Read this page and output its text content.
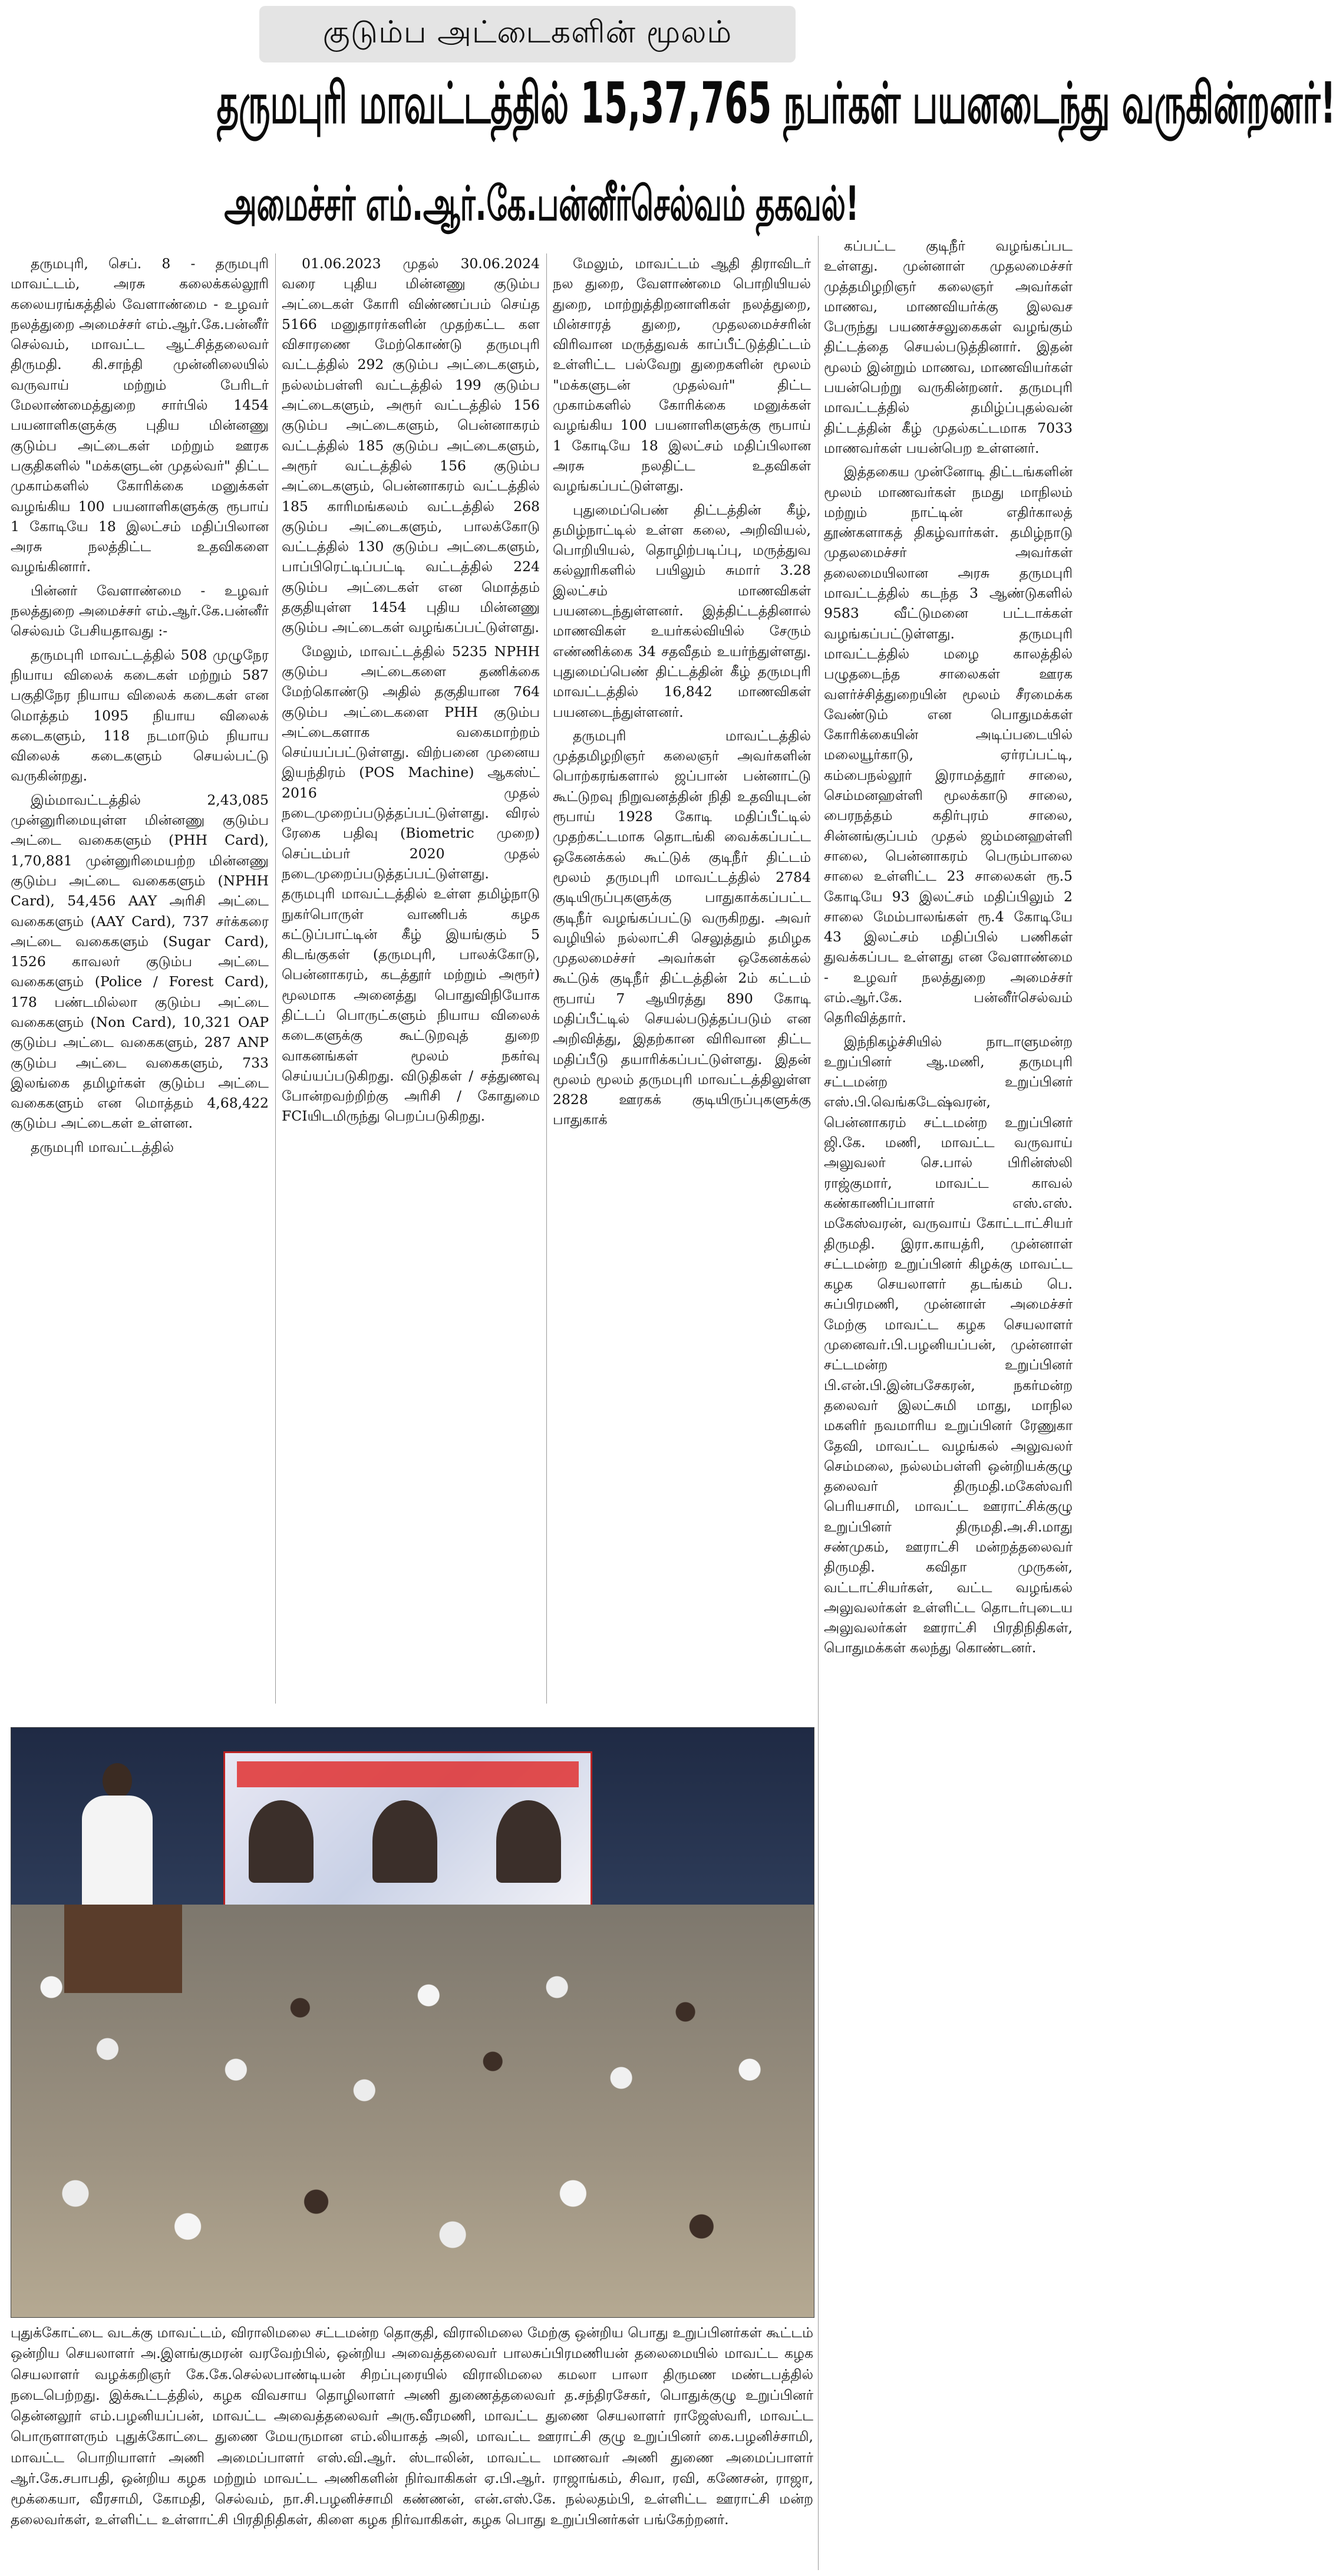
குடும்ப அட்டைகளின் மூலம்
தருமபுரி மாவட்டத்தில் 15,37,765 நபர்கள் பயனடைந்து வருகின்றனர்!
அமைச்சர் எம்.ஆர்.கே.பன்னீர்செல்வம் தகவல்!

தருமபுரி, செப். 8 - தருமபுரி மாவட்டம், அரசு கலைக்கல்லூரி கலையரங்கத்தில் வேளாண்மை - உழவர் நலத்துறை அமைச்சர் எம்.ஆர்.கே.பன்னீர் செல்வம், மாவட்ட ஆட்சித்தலைவர் திருமதி. கி.சாந்தி முன்னிலையில் வருவாய் மற்றும் பேரிடர் மேலாண்மைத்துறை சார்பில் 1454 பயனாளிகளுக்கு புதிய மின்னணு குடும்ப அட்டைகள் மற்றும் ஊரக பகுதிகளில் "மக்களுடன் முதல்வர்" திட்ட முகாம்களில் கோரிக்கை மனுக்கள் வழங்கிய 100 பயனாளிகளுக்கு ரூபாய் 1 கோடியே 18 இலட்சம் மதிப்பிலான அரசு நலத்திட்ட உதவிகளை வழங்கினார்.

பின்னர் வேளாண்மை - உழவர் நலத்துறை அமைச்சர் எம்.ஆர்.கே.பன்னீர் செல்வம் பேசியதாவது :-

தருமபுரி மாவட்டத்தில் 508 முழுநேர நியாய விலைக் கடைகள் மற்றும் 587 பகுதிநேர நியாய விலைக் கடைகள் என மொத்தம் 1095 நியாய விலைக் கடைகளும், 118 நடமாடும் நியாய விலைக் கடைகளும் செயல்பட்டு வருகின்றது.

இம்மாவட்டத்தில் 2,43,085 முன்னுரிமையுள்ள மின்னணு குடும்ப அட்டை வகைகளும் (PHH Card), 1,70,881 முன்னுரிமையற்ற மின்னணு குடும்ப அட்டை வகைகளும் (NPHH Card), 54,456 AAY அரிசி அட்டை வகைகளும் (AAY Card), 737 சர்க்கரை அட்டை வகைகளும் (Sugar Card), 1526 காவலர் குடும்ப அட்டை வகைகளும் (Police / Forest Card), 178 பண்டமில்லா குடும்ப அட்டை வகைகளும் (Non Card), 10,321 OAP குடும்ப அட்டை வகைகளும், 287 ANP குடும்ப அட்டை வகைகளும், 733 இலங்கை தமிழர்கள் குடும்ப அட்டை வகைகளும் என மொத்தம் 4,68,422 குடும்ப அட்டைகள் உள்ளன.

தருமபுரி மாவட்டத்தில்

01.06.2023 முதல் 30.06.2024 வரை புதிய மின்னணு குடும்ப அட்டைகள் கோரி விண்ணப்பம் செய்த 5166 மனுதாரர்களின் முதற்கட்ட கள விசாரணை மேற்கொண்டு தருமபுரி வட்டத்தில் 292 குடும்ப அட்டைகளும், நல்லம்பள்ளி வட்டத்தில் 199 குடும்ப அட்டைகளும், அரூர் வட்டத்தில் 156 குடும்ப அட்டைகளும், பென்னாகரம் வட்டத்தில் 185 குடும்ப அட்டைகளும், அரூர் வட்டத்தில் 156 குடும்ப அட்டைகளும், பென்னாகரம் வட்டத்தில் 185 காரிமங்கலம் வட்டத்தில் 268 குடும்ப அட்டைகளும், பாலக்கோடு வட்டத்தில் 130 குடும்ப அட்டைகளும், பாப்பிரெட்டிப்பட்டி வட்டத்தில் 224 குடும்ப அட்டைகள் என மொத்தம் தகுதியுள்ள 1454 புதிய மின்னணு குடும்ப அட்டைகள் வழங்கப்பட்டுள்ளது.

மேலும், மாவட்டத்தில் 5235 NPHH குடும்ப அட்டைகளை தணிக்கை மேற்கொண்டு அதில் தகுதியான 764 குடும்ப அட்டைகளை PHH குடும்ப அட்டைகளாக வகைமாற்றம் செய்யப்பட்டுள்ளது. விற்பனை முனைய இயந்திரம் (POS Machine) ஆகஸ்ட் 2016 முதல் நடைமுறைப்படுத்தப்பட்டுள்ளது. விரல் ரேகை பதிவு (Biometric முறை) செப்டம்பர் 2020 முதல் நடைமுறைப்படுத்தப்பட்டுள்ளது. தருமபுரி மாவட்டத்தில் உள்ள தமிழ்நாடு நுகர்பொருள் வாணிபக் கழக கட்டுப்பாட்டின் கீழ் இயங்கும் 5 கிடங்குகள் (தருமபுரி, பாலக்கோடு, பென்னாகரம், கடத்தூர் மற்றும் அரூர்) மூலமாக அனைத்து பொதுவிநியோக திட்டப் பொருட்களும் நியாய விலைக் கடைகளுக்கு கூட்டுறவுத் துறை வாகனங்கள் மூலம் நகர்வு செய்யப்படுகிறது. விடுதிகள் / சத்துணவு போன்றவற்றிற்கு அரிசி / கோதுமை FCIயிடமிருந்து பெறப்படுகிறது.

மேலும், மாவட்டம் ஆதி திராவிடர் நல துறை, வேளாண்மை பொறியியல் துறை, மாற்றுத்திறனாளிகள் நலத்துறை, மின்சாரத் துறை, முதலமைச்சரின் விரிவான மருத்துவக் காப்பீட்டுத்திட்டம் உள்ளிட்ட பல்வேறு துறைகளின் மூலம் "மக்களுடன் முதல்வர்" திட்ட முகாம்களில் கோரிக்கை மனுக்கள் வழங்கிய 100 பயனாளிகளுக்கு ரூபாய் 1 கோடியே 18 இலட்சம் மதிப்பிலான அரசு நலதிட்ட உதவிகள் வழங்கப்பட்டுள்ளது.

புதுமைப்பெண் திட்டத்தின் கீழ், தமிழ்நாட்டில் உள்ள கலை, அறிவியல், பொறியியல், தொழிற்படிப்பு, மருத்துவ கல்லூரிகளில் பயிலும் சுமார் 3.28 இலட்சம் மாணவிகள் பயனடைந்துள்ளனர். இத்திட்டத்தினால் மாணவிகள் உயர்கல்வியில் சேரும் எண்ணிக்கை 34 சதவீதம் உயர்ந்துள்ளது. புதுமைப்பெண் திட்டத்தின் கீழ் தருமபுரி மாவட்டத்தில் 16,842 மாணவிகள் பயனடைந்துள்ளனர்.

தருமபுரி மாவட்டத்தில் முத்தமிழறிஞர் கலைஞர் அவர்களின் பொற்கரங்களால் ஜப்பான் பன்னாட்டு கூட்டுறவு நிறுவனத்தின் நிதி உதவியுடன் ரூபாய் 1928 கோடி மதிப்பீட்டில் முதற்கட்டமாக தொடங்கி வைக்கப்பட்ட ஒகேனக்கல் கூட்டுக் குடிநீர் திட்டம் மூலம் தருமபுரி மாவட்டத்தில் 2784 குடியிருப்புகளுக்கு பாதுகாக்கப்பட்ட குடிநீர் வழங்கப்பட்டு வருகிறது. அவர் வழியில் நல்லாட்சி செலுத்தும் தமிழக முதலமைச்சர் அவர்கள் ஒகேனக்கல் கூட்டுக் குடிநீர் திட்டத்தின் 2ம் கட்டம் ரூபாய் 7 ஆயிரத்து 890 கோடி மதிப்பீட்டில் செயல்படுத்தப்படும் என அறிவித்து, இதற்கான விரிவான திட்ட மதிப்பீடு தயாரிக்கப்பட்டுள்ளது. இதன் மூலம் மூலம் தருமபுரி மாவட்டத்திலுள்ள 2828 ஊரகக் குடியிருப்புகளுக்கு பாதுகாக்

கப்பட்ட குடிநீர் வழங்கப்பட உள்ளது. முன்னாள் முதலமைச்சர் முத்தமிழறிஞர் கலைஞர் அவர்கள் மாணவ, மாணவியர்க்கு இலவச பேருந்து பயணச்சலுகைகள் வழங்கும் திட்டத்தை செயல்படுத்தினார். இதன் மூலம் இன்றும் மாணவ, மாணவியர்கள் பயன்பெற்று வருகின்றனர். தருமபுரி மாவட்டத்தில் தமிழ்ப்புதல்வன் திட்டத்தின் கீழ் முதல்கட்டமாக 7033 மாணவர்கள் பயன்பெற உள்ளனர்.

இத்தகைய முன்னோடி திட்டங்களின் மூலம் மாணவர்கள் நமது மாநிலம் மற்றும் நாட்டின் எதிர்காலத் தூண்களாகத் திகழ்வார்கள். தமிழ்நாடு முதலமைச்சர் அவர்கள் தலைமையிலான அரசு தருமபுரி மாவட்டத்தில் கடந்த 3 ஆண்டுகளில் 9583 வீட்டுமனை பட்டாக்கள் வழங்கப்பட்டுள்ளது. தருமபுரி மாவட்டத்தில் மழை காலத்தில் பழுதடைந்த சாலைகள் ஊரக வளர்ச்சித்துறையின் மூலம் சீரமைக்க வேண்டும் என பொதுமக்கள் கோரிக்கையின் அடிப்படையில் மலையூர்காடு, ஏர்ரப்பட்டி, கம்பைநல்லூர் இராமத்தூர் சாலை, செம்மனஹள்ளி மூலக்காடு சாலை, பைரநத்தம் கதிர்புரம் சாலை, சின்னங்குப்பம் முதல் ஜம்மனஹள்ளி சாலை, பென்னாகரம் பெரும்பாலை சாலை உள்ளிட்ட 23 சாலைகள் ரூ.5 கோடியே 93 இலட்சம் மதிப்பிலும் 2 சாலை மேம்பாலங்கள் ரூ.4 கோடியே 43 இலட்சம் மதிப்பில் பணிகள் துவக்கப்பட உள்ளது என வேளாண்மை - உழவர் நலத்துறை அமைச்சர் எம்.ஆர்.கே. பன்னீர்செல்வம் தெரிவித்தார்.

இந்நிகழ்ச்சியில் நாடாளுமன்ற உறுப்பினர் ஆ.மணி, தருமபுரி சட்டமன்ற உறுப்பினர் எஸ்.பி.வெங்கடேஷ்வரன், பென்னாகரம் சட்டமன்ற உறுப்பினர் ஜி.கே. மணி, மாவட்ட வருவாய் அலுவலர் செ.பால் பிரின்ஸ்லி ராஜ்குமார், மாவட்ட காவல் கண்காணிப்பாளர் எஸ்.எஸ். மகேஸ்வரன், வருவாய் கோட்டாட்சியர் திருமதி. இரா.காயத்ரி, முன்னாள் சட்டமன்ற உறுப்பினர் கிழக்கு மாவட்ட கழக செயலாளர் தடங்கம் பெ. சுப்பிரமணி, முன்னாள் அமைச்சர் மேற்கு மாவட்ட கழக செயலாளர் முனைவர்.பி.பழனியப்பன், முன்னாள் சட்டமன்ற உறுப்பினர் பி.என்.பி.இன்பசேகரன், நகர்மன்ற தலைவர் இலட்சுமி மாது, மாநில மகளிர் நவமாரிய உறுப்பினர் ரேணுகா தேவி, மாவட்ட வழங்கல் அலுவலர் செம்மலை, நல்லம்பள்ளி ஒன்றியக்குழு தலைவர் திருமதி.மகேஸ்வரி பெரியசாமி, மாவட்ட ஊராட்சிக்குழு உறுப்பினர் திருமதி.அ.சி.மாது சண்முகம், ஊராட்சி மன்றத்தலைவர் திருமதி. கவிதா முருகன், வட்டாட்சியர்கள், வட்ட வழங்கல் அலுவலர்கள் உள்ளிட்ட தொடர்புடைய அலுவலர்கள் ஊராட்சி பிரதிநிதிகள், பொதுமக்கள் கலந்து கொண்டனர்.

புதுக்கோட்டை வடக்கு மாவட்டம், விராலிமலை சட்டமன்ற தொகுதி, விராலிமலை மேற்கு ஒன்றிய பொது உறுப்பினர்கள் கூட்டம் ஒன்றிய செயலாளர் அ.இளங்குமரன் வரவேற்பில், ஒன்றிய அவைத்தலைவர் பாலசுப்பிரமணியன் தலைமையில் மாவட்ட கழக செயலாளர் வழக்கறிஞர் கே.கே.செல்லபாண்டியன் சிறப்புரையில் விராலிமலை கமலா பாலா திருமண மண்டபத்தில் நடைபெற்றது. இக்கூட்டத்தில், கழக விவசாய தொழிலாளர் அணி துணைத்தலைவர் த.சந்திரசேகர், பொதுக்குழு உறுப்பினர் தென்னலூர் எம்.பழனியப்பன், மாவட்ட அவைத்தலைவர் அரு.வீரமணி, மாவட்ட துணை செயலாளர் ராஜேஸ்வரி, மாவட்ட பொருளாளரும் புதுக்கோட்டை துணை மேயருமான எம்.லியாகத் அலி, மாவட்ட ஊராட்சி குழு உறுப்பினர் கை.பழனிச்சாமி, மாவட்ட பொறியாளர் அணி அமைப்பாளர் எஸ்.வி.ஆர். ஸ்டாலின், மாவட்ட மாணவர் அணி துணை அமைப்பாளர் ஆர்.கே.சபாபதி, ஒன்றிய கழக மற்றும் மாவட்ட அணிகளின் நிர்வாகிகள் ஏ.பி.ஆர். ராஜாங்கம், சிவா, ரவி, கணேசன், ராஜா, மூக்கையா, வீரசாமி, கோமதி, செல்வம், நா.சி.பழனிச்சாமி கண்ணன், என்.எஸ்.கே. நல்லதம்பி, உள்ளிட்ட ஊராட்சி மன்ற தலைவர்கள், உள்ளிட்ட உள்ளாட்சி பிரதிநிதிகள், கிளை கழக நிர்வாகிகள், கழக பொது உறுப்பினர்கள் பங்கேற்றனர்.
